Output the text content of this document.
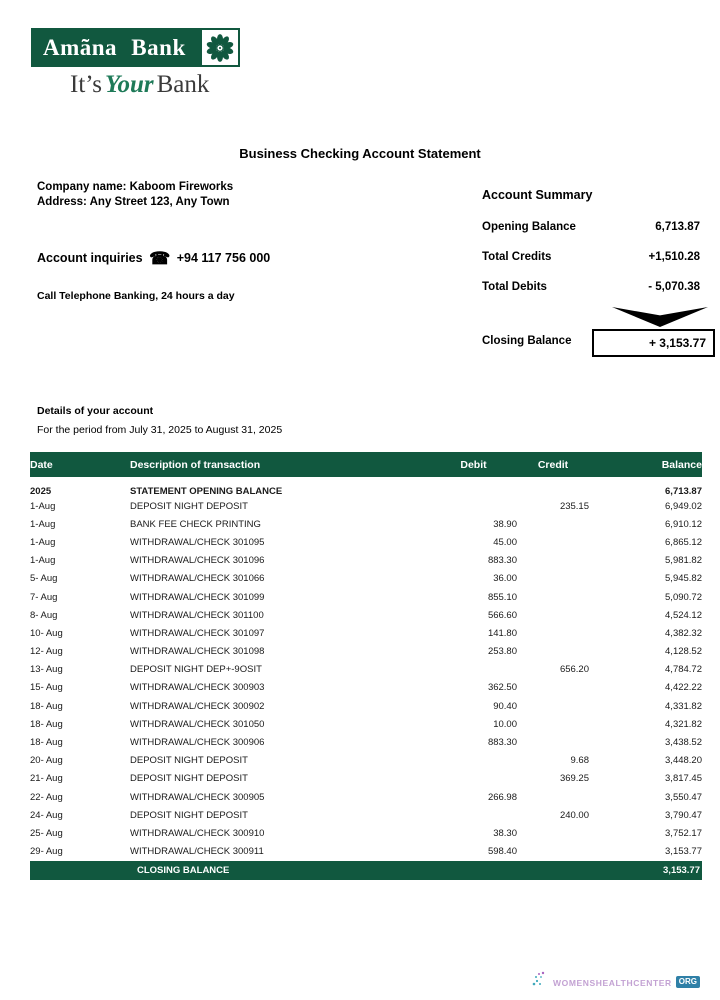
Amãna Bank
It’s Your Bank
Business Checking Account Statement
Company name: Kaboom Fireworks
Address: Any Street 123, Any Town
Account inquiries ☎ +94 117 756 000
Call Telephone Banking, 24 hours a day
Account Summary
Opening Balance	6,713.87
Total Credits	+1,510.28
Total Debits	- 5,070.38
Closing Balance	+ 3,153.77
Details of your account
For the period from July 31, 2025 to August 31, 2025
Date	Description of transaction	Debit	Credit	Balance
2025	STATEMENT OPENING BALANCE			6,713.87
1-Aug	DEPOSIT NIGHT DEPOSIT		235.15	6,949.02
1-Aug	BANK FEE CHECK PRINTING	38.90		6,910.12
1-Aug	WITHDRAWAL/CHECK 301095	45.00		6,865.12
1-Aug	WITHDRAWAL/CHECK 301096	883.30		5,981.82
5- Aug	WITHDRAWAL/CHECK 301066	36.00		5,945.82
7- Aug	WITHDRAWAL/CHECK 301099	855.10		5,090.72
8- Aug	WITHDRAWAL/CHECK 301100	566.60		4,524.12
10- Aug	WITHDRAWAL/CHECK 301097	141.80		4,382.32
12- Aug	WITHDRAWAL/CHECK 301098	253.80		4,128.52
13- Aug	DEPOSIT NIGHT DEP+-9OSIT		656.20	4,784.72
15- Aug	WITHDRAWAL/CHECK 300903	362.50		4,422.22
18- Aug	WITHDRAWAL/CHECK 300902	90.40		4,331.82
18- Aug	WITHDRAWAL/CHECK 301050	10.00		4,321.82
18- Aug	WITHDRAWAL/CHECK 300906	883.30		3,438.52
20- Aug	DEPOSIT NIGHT DEPOSIT		9.68	3,448.20
21- Aug	DEPOSIT NIGHT DEPOSIT		369.25	3,817.45
22- Aug	WITHDRAWAL/CHECK 300905	266.98		3,550.47
24- Aug	DEPOSIT NIGHT DEPOSIT		240.00	3,790.47
25- Aug	WITHDRAWAL/CHECK 300910	38.30		3,752.17
29- Aug	WITHDRAWAL/CHECK 300911	598.40		3,153.77
	CLOSING BALANCE			3,153.77
WOMENSHEALTHCENTER ORG
